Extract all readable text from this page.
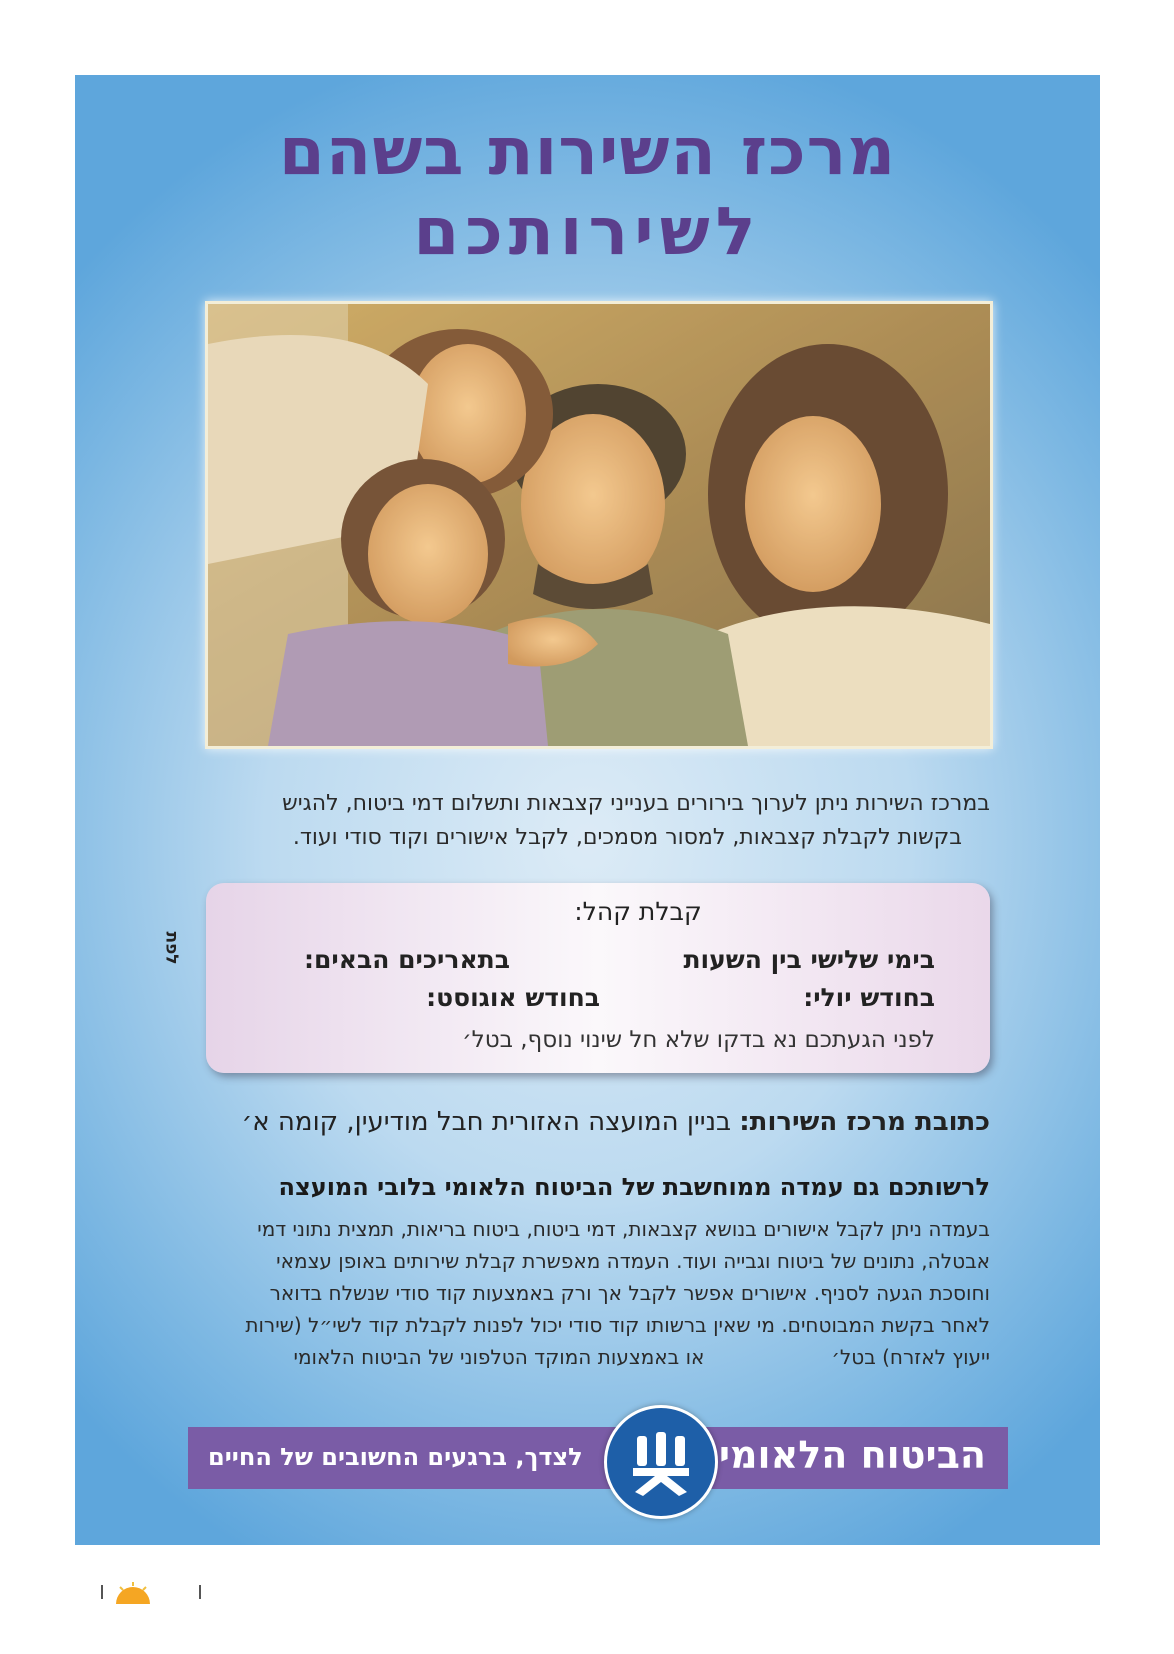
מרכז השירות בשהם
לשירותכם
במרכז השירות ניתן לערוך בירורים בענייני קצבאות ותשלום דמי ביטוח, להגיש
בקשות לקבלת קצבאות, למסור מסמכים, לקבל אישורים וקוד סודי ועוד.
לפת
קבלת קהל:
בימי שלישי בין השעות
בתאריכים הבאים:
בחודש יולי:
בחודש אוגוסט:
לפני הגעתכם נא בדקו שלא חל שינוי נוסף, בטל׳
כתובת מרכז השירות: בניין המועצה האזורית חבל מודיעין, קומה א׳
לרשותכם גם עמדה ממוחשבת של הביטוח הלאומי בלובי המועצה
בעמדה ניתן לקבל אישורים בנושא קצבאות, דמי ביטוח, ביטוח בריאות, תמצית נתוני דמי
אבטלה, נתונים של ביטוח וגבייה ועוד. העמדה מאפשרת קבלת שירותים באופן עצמאי
וחוסכת הגעה לסניף. אישורים אפשר לקבל אך ורק באמצעות קוד סודי שנשלח בדואר
לאחר בקשת המבוטחים. מי שאין ברשותו קוד סודי יכול לפנות לקבלת קוד לשי״ל (שירות
ייעוץ לאזרח) בטל׳                    או באמצעות המוקד הטלפוני של הביטוח הלאומי
הביטוח הלאומי
לצדך, ברגעים החשובים של החיים
